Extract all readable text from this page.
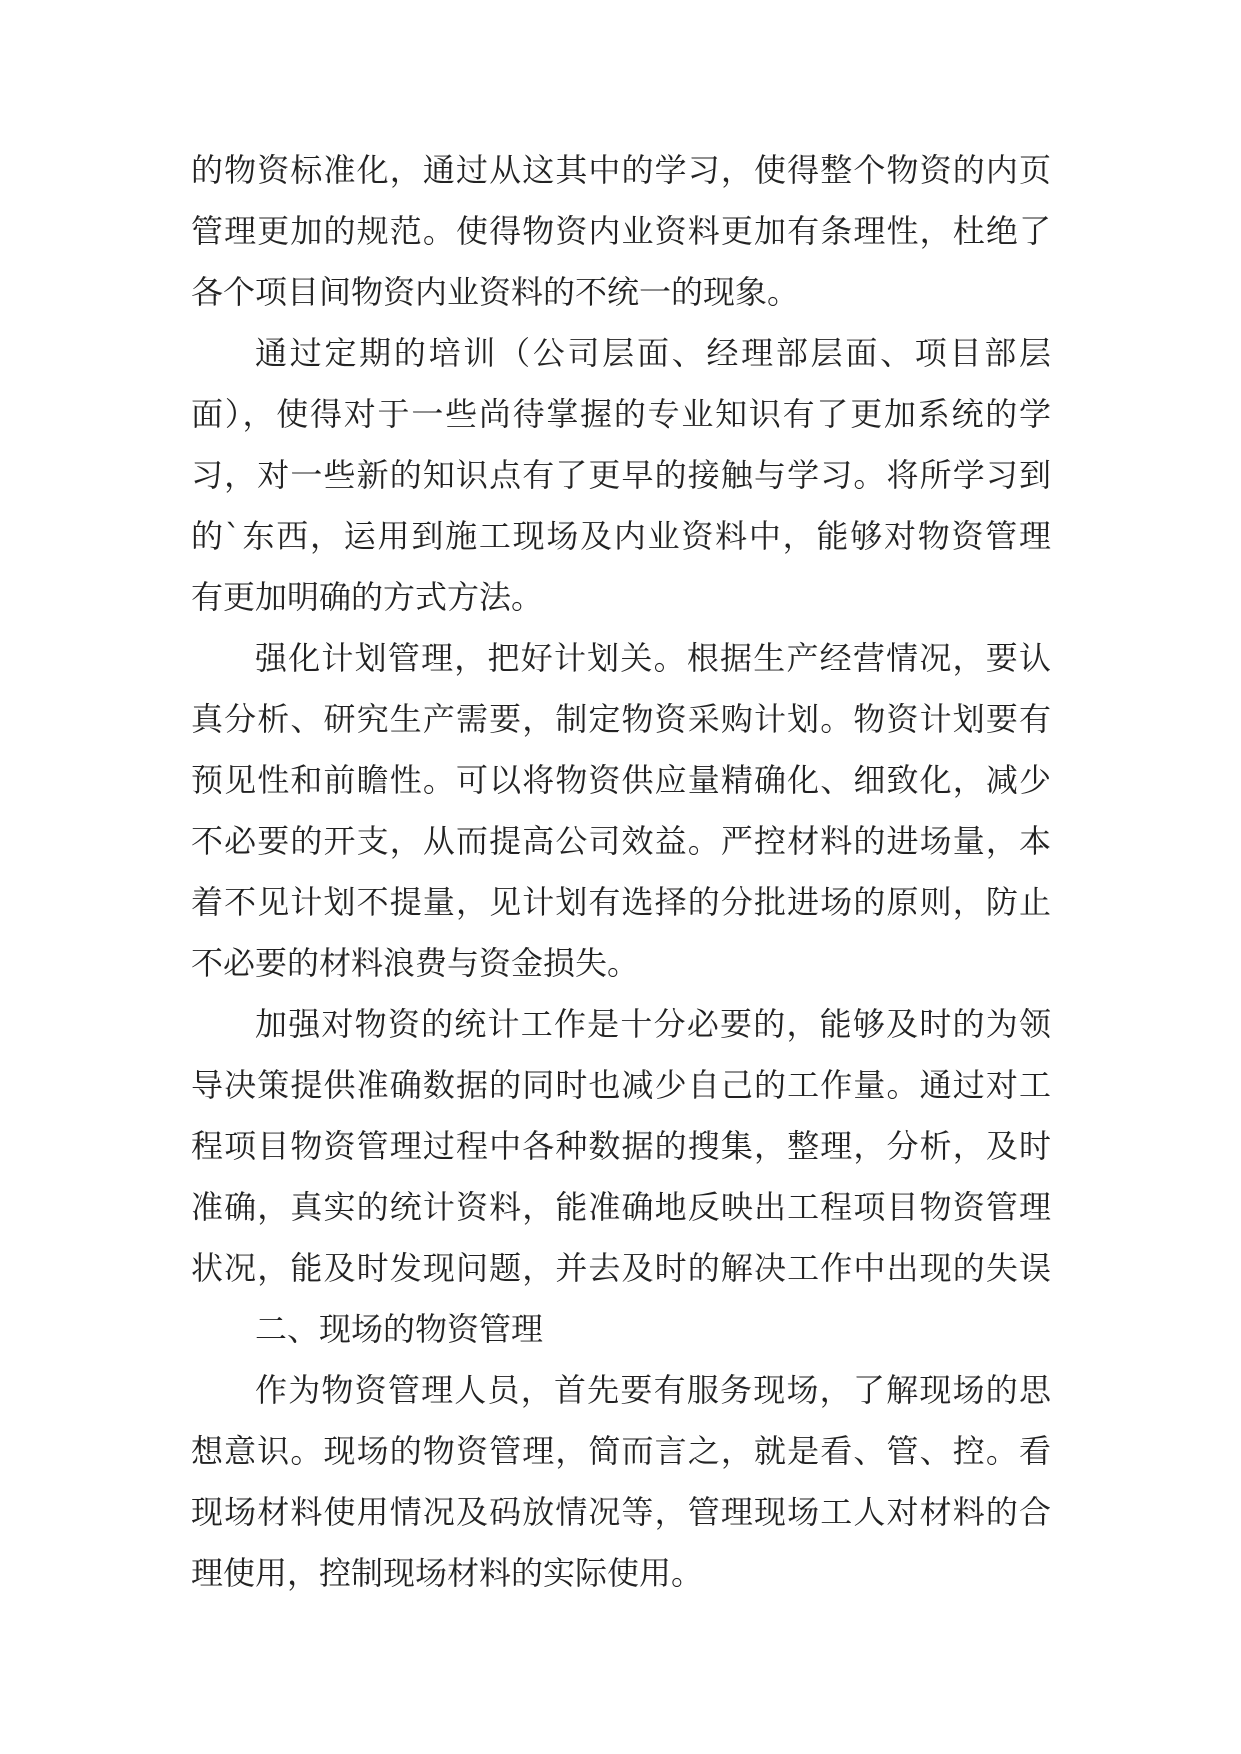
的物资标准化，通过从这其中的学习，使得整个物资的内页
管理更加的规范。使得物资内业资料更加有条理性，杜绝了
各个项目间物资内业资料的不统一的现象。
通过定期的培训（公司层面、经理部层面、项目部层
面），使得对于一些尚待掌握的专业知识有了更加系统的学
习，对一些新的知识点有了更早的接触与学习。将所学习到
的`东西，运用到施工现场及内业资料中，能够对物资管理
有更加明确的方式方法。
强化计划管理，把好计划关。根据生产经营情况，要认
真分析、研究生产需要，制定物资采购计划。物资计划要有
预见性和前瞻性。可以将物资供应量精确化、细致化，减少
不必要的开支，从而提高公司效益。严控材料的进场量，本
着不见计划不提量，见计划有选择的分批进场的原则，防止
不必要的材料浪费与资金损失。
加强对物资的统计工作是十分必要的，能够及时的为领
导决策提供准确数据的同时也减少自己的工作量。通过对工
程项目物资管理过程中各种数据的搜集，整理，分析，及时
准确，真实的统计资料，能准确地反映出工程项目物资管理
状况，能及时发现问题，并去及时的解决工作中出现的失误
二、现场的物资管理
作为物资管理人员，首先要有服务现场，了解现场的思
想意识。现场的物资管理，简而言之，就是看、管、控。看
现场材料使用情况及码放情况等，管理现场工人对材料的合
理使用，控制现场材料的实际使用。
